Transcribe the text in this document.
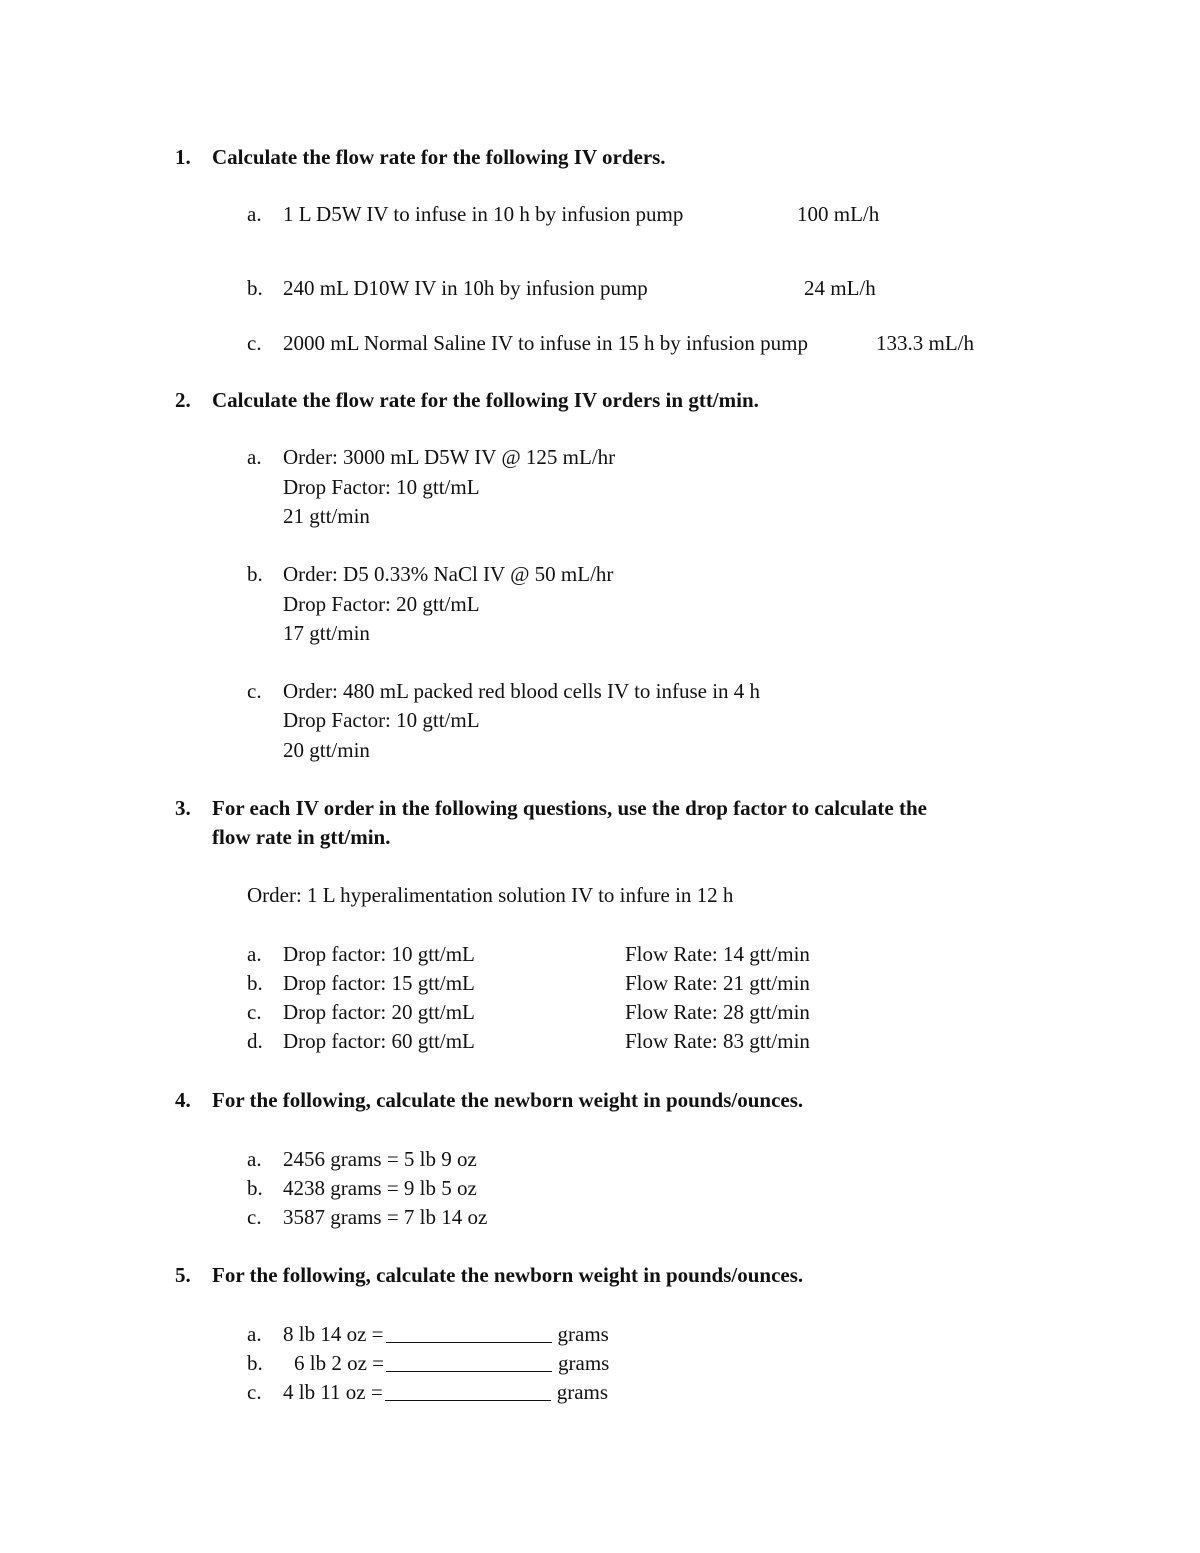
1. Calculate the flow rate for the following IV orders.
a. 1 L D5W IV to infuse in 10 h by infusion pump	100 mL/h
b. 240 mL D10W IV in 10h by infusion pump	24 mL/h
c. 2000 mL Normal Saline IV to infuse in 15 h by infusion pump	133.3 mL/h
2. Calculate the flow rate for the following IV orders in gtt/min.
a. Order: 3000 mL D5W IV @ 125 mL/hr
Drop Factor: 10 gtt/mL
21 gtt/min
b. Order: D5 0.33% NaCl IV @ 50 mL/hr
Drop Factor: 20 gtt/mL
17 gtt/min
c. Order: 480 mL packed red blood cells IV to infuse in 4 h
Drop Factor: 10 gtt/mL
20 gtt/min
3. For each IV order in the following questions, use the drop factor to calculate the
flow rate in gtt/min.
Order: 1 L hyperalimentation solution IV to infure in 12 h
a. Drop factor: 10 gtt/mL	Flow Rate: 14 gtt/min
b. Drop factor: 15 gtt/mL	Flow Rate: 21 gtt/min
c. Drop factor: 20 gtt/mL	Flow Rate: 28 gtt/min
d. Drop factor: 60 gtt/mL	Flow Rate: 83 gtt/min
4. For the following, calculate the newborn weight in pounds/ounces.
a. 2456 grams = 5 lb 9 oz
b. 4238 grams = 9 lb 5 oz
c. 3587 grams = 7 lb 14 oz
5. For the following, calculate the newborn weight in pounds/ounces.
a. 8 lb 14 oz =	grams
b. 6 lb 2 oz =	grams
c. 4 lb 11 oz =	grams
